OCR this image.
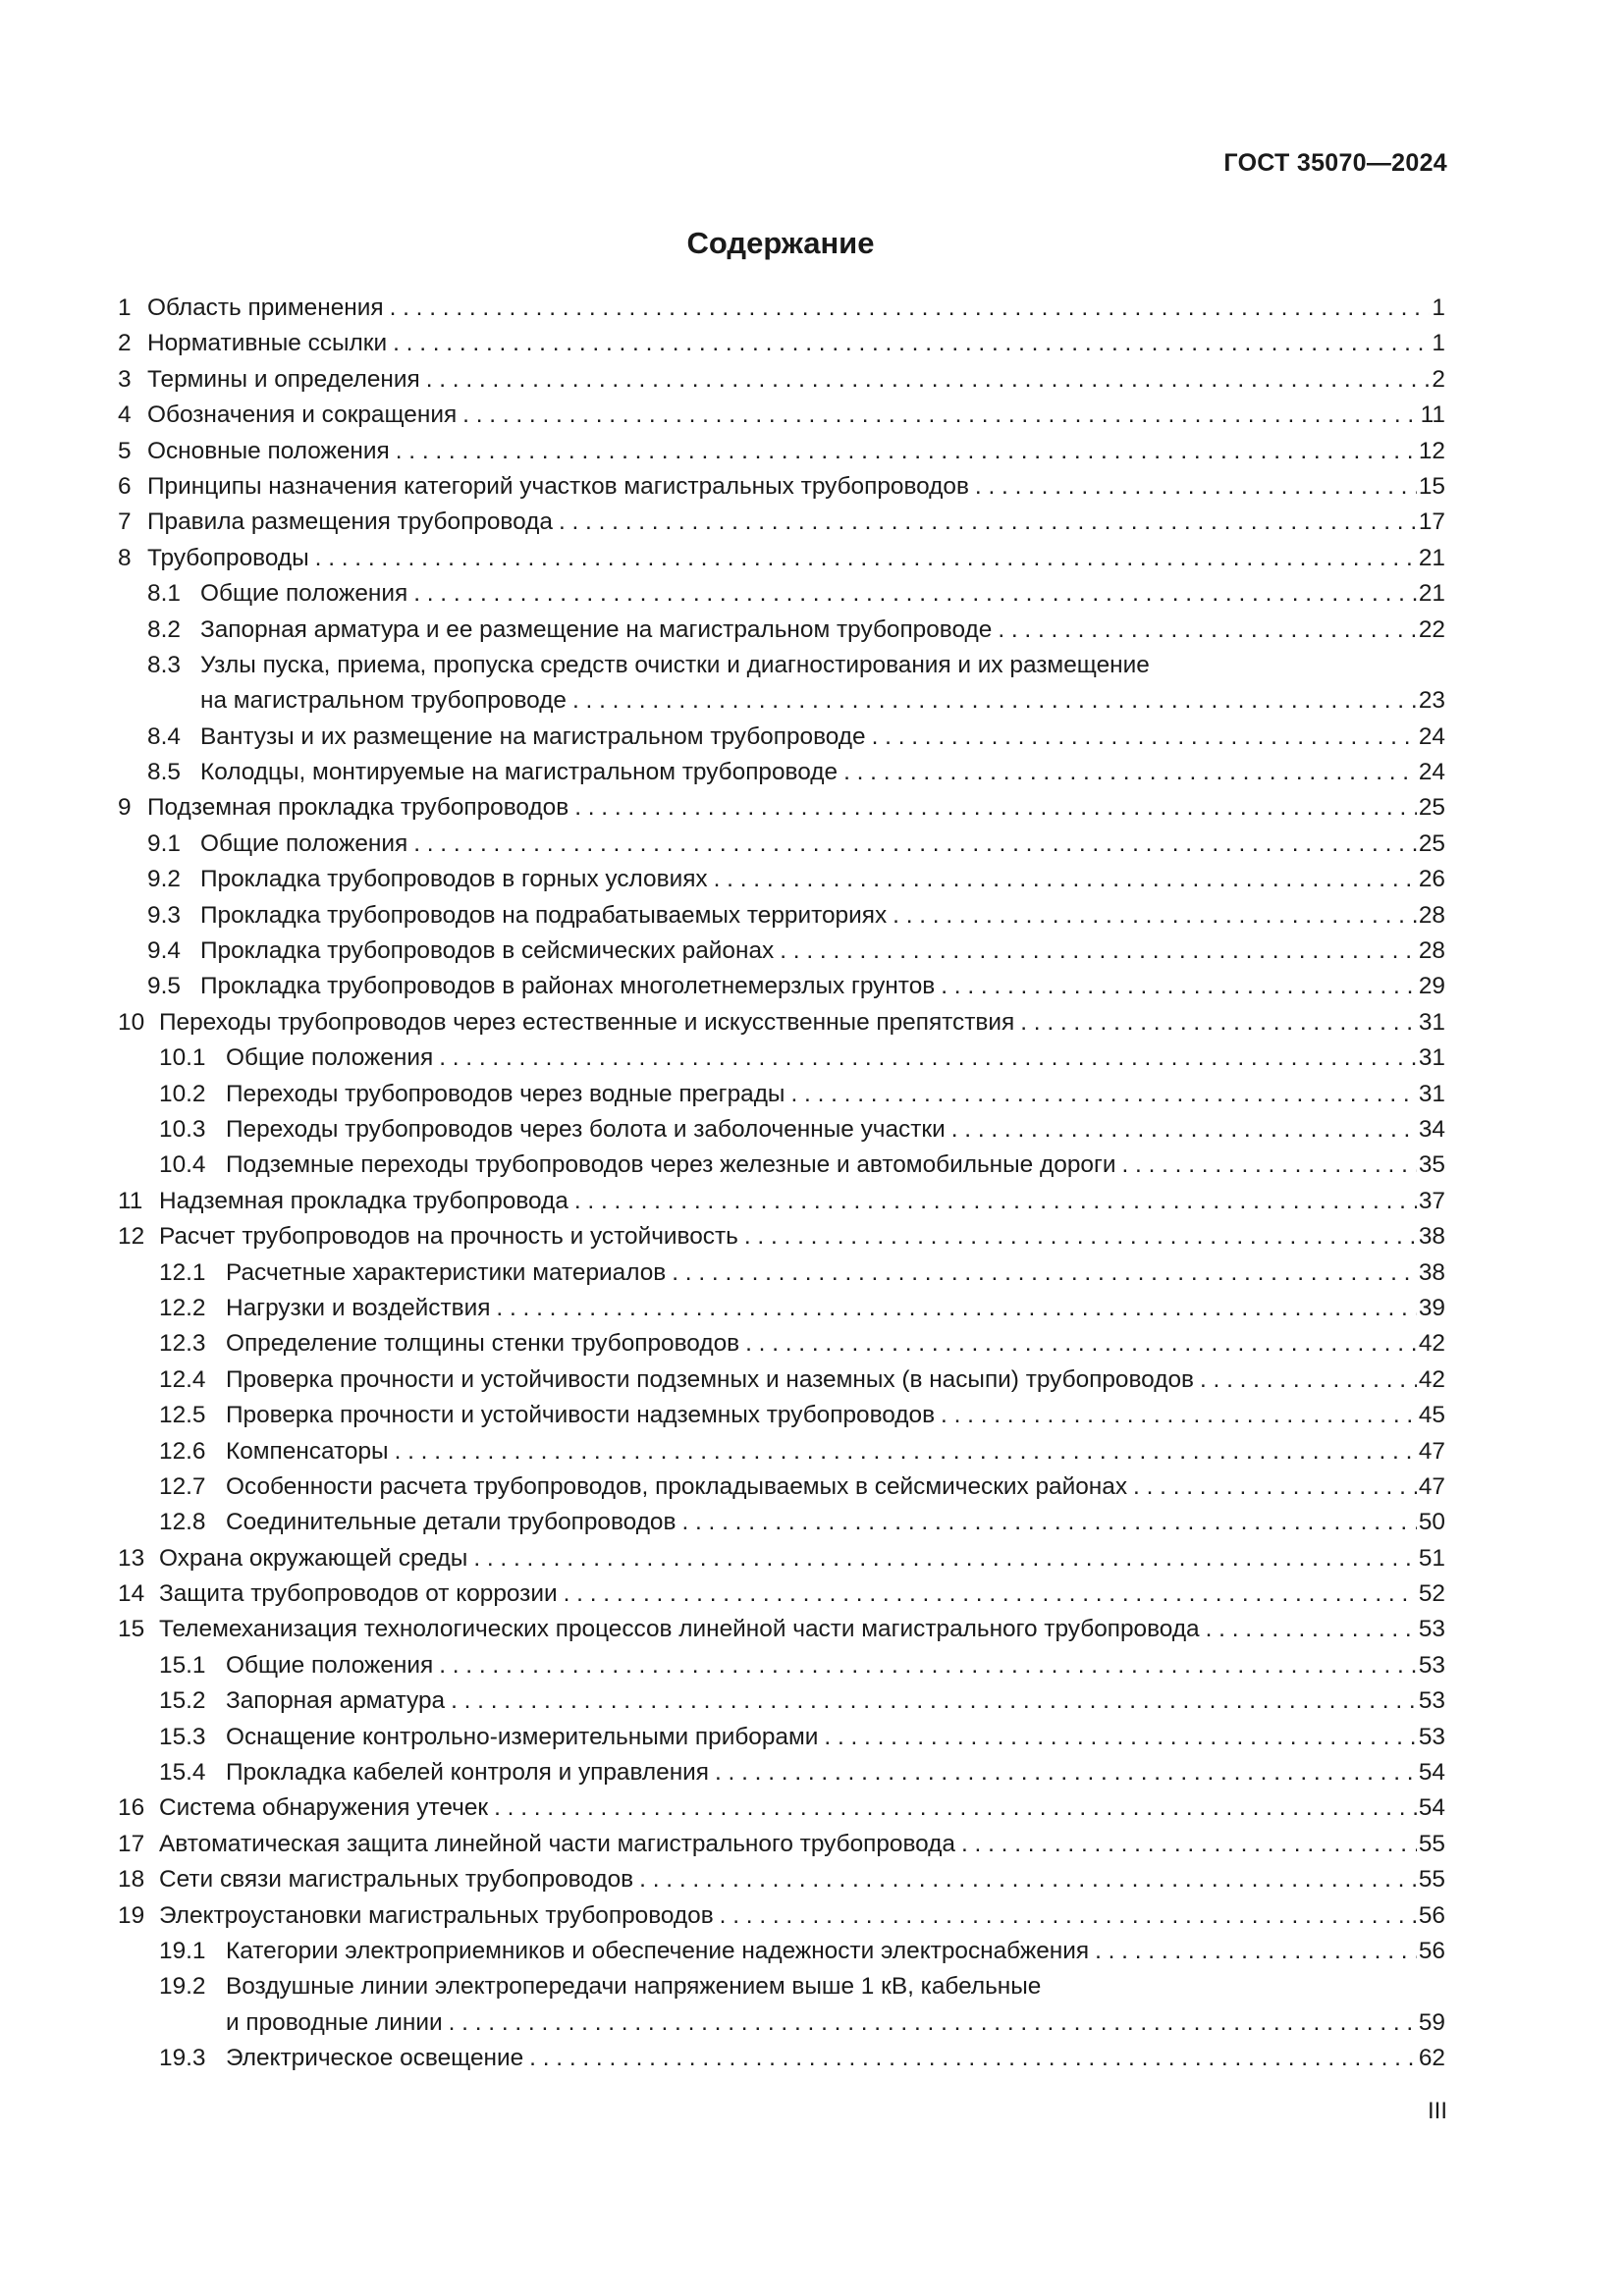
ГОСТ 35070—2024
Содержание
1 Область применения . . .	1
2 Нормативные ссылки . . .	1
3 Термины и определения . . .	2
4 Обозначения и сокращения . . .	11
5 Основные положения . . .	12
6 Принципы назначения категорий участков магистральных трубопроводов . . .	15
7 Правила размещения трубопровода . . .	17
8 Трубопроводы . . .	21
8.1 Общие положения . . .	21
8.2 Запорная арматура и ее размещение на магистральном трубопроводе . . .	22
8.3 Узлы пуска, приема, пропуска средств очистки и диагностирования и их размещение
на магистральном трубопроводе . . .	23
8.4 Вантузы и их размещение на магистральном трубопроводе . . .	24
8.5 Колодцы, монтируемые на магистральном трубопроводе . . .	24
9 Подземная прокладка трубопроводов . . .	25
9.1 Общие положения . . .	25
9.2 Прокладка трубопроводов в горных условиях . . .	26
9.3 Прокладка трубопроводов на подрабатываемых территориях . . .	28
9.4 Прокладка трубопроводов в сейсмических районах . . .	28
9.5 Прокладка трубопроводов в районах многолетнемерзлых грунтов . . .	29
10 Переходы трубопроводов через естественные и искусственные препятствия . . .	31
10.1 Общие положения . . .	31
10.2 Переходы трубопроводов через водные преграды . . .	31
10.3 Переходы трубопроводов через болота и заболоченные участки . . .	34
10.4 Подземные переходы трубопроводов через железные и автомобильные дороги . . .	35
11 Надземная прокладка трубопровода . . .	37
12 Расчет трубопроводов на прочность и устойчивость . . .	38
12.1 Расчетные характеристики материалов . . .	38
12.2 Нагрузки и воздействия . . .	39
12.3 Определение толщины стенки трубопроводов . . .	42
12.4 Проверка прочности и устойчивости подземных и наземных (в насыпи) трубопроводов . . .	42
12.5 Проверка прочности и устойчивости надземных трубопроводов . . .	45
12.6 Компенсаторы . . .	47
12.7 Особенности расчета трубопроводов, прокладываемых в сейсмических районах . . .	47
12.8 Соединительные детали трубопроводов . . .	50
13 Охрана окружающей среды . . .	51
14 Защита трубопроводов от коррозии . . .	52
15 Телемеханизация технологических процессов линейной части магистрального трубопровода . . .	53
15.1 Общие положения . . .	53
15.2 Запорная арматура . . .	53
15.3 Оснащение контрольно-измерительными приборами . . .	53
15.4 Прокладка кабелей контроля и управления . . .	54
16 Система обнаружения утечек . . .	54
17 Автоматическая защита линейной части магистрального трубопровода . . .	55
18 Сети связи магистральных трубопроводов . . .	55
19 Электроустановки магистральных трубопроводов . . .	56
19.1 Категории электроприемников и обеспечение надежности электроснабжения . . .	56
19.2 Воздушные линии электропередачи напряжением выше 1 кВ, кабельные
и проводные линии . . .	59
19.3 Электрическое освещение . . .	62
III
